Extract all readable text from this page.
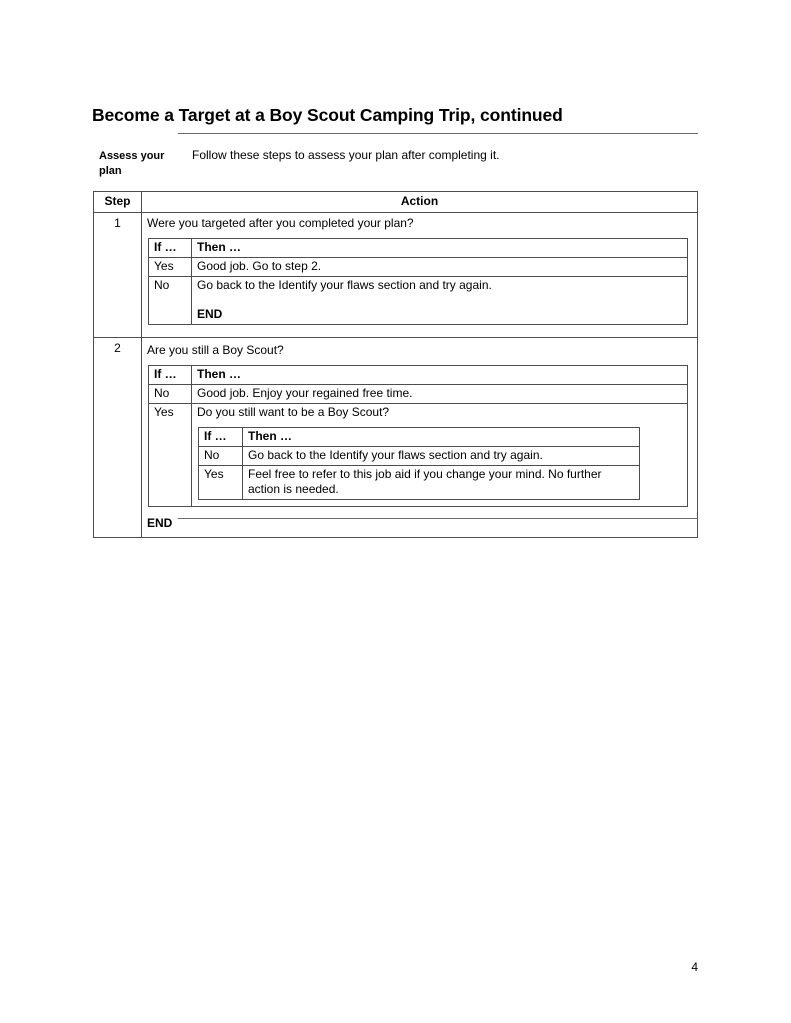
Become a Target at a Boy Scout Camping Trip, continued
Assess your plan
Follow these steps to assess your plan after completing it.
Step	Action
1	Were you targeted after you completed your plan?

If …	Then …
Yes	Good job. Go to step 2.
No	Go back to the Identify your flaws section and try again.

END

2	Are you still a Boy Scout?

If …	Then …
No	Good job. Enjoy your regained free time.
Yes	Do you still want to be a Boy Scout?
If …	Then …
No	Go back to the Identify your flaws section and try again.
Yes	Feel free to refer to this job aid if you change your mind. No further action is needed.
END
4
